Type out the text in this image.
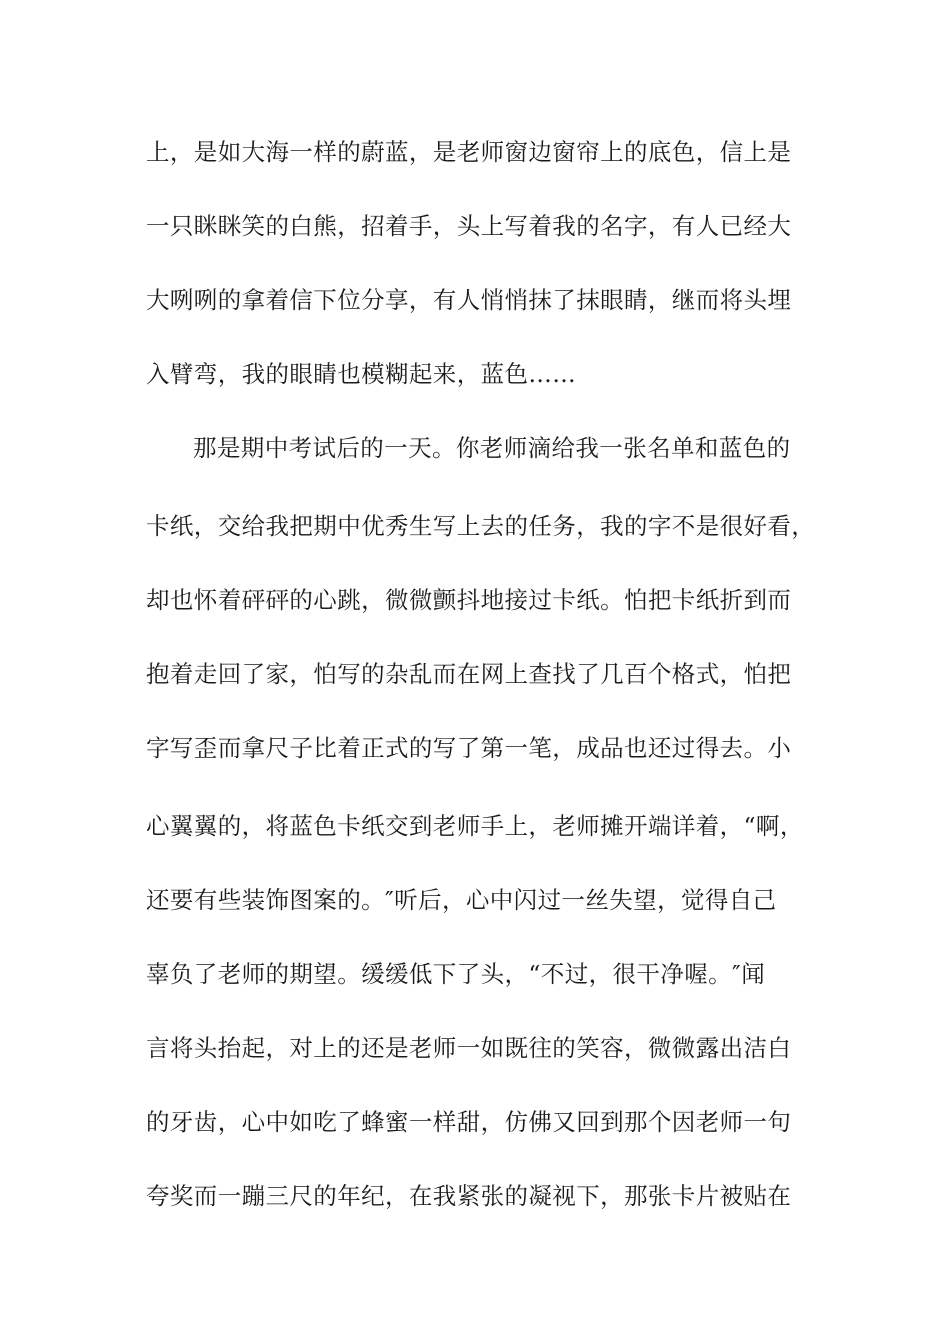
上，是如大海一样的蔚蓝，是老师窗边窗帘上的底色，信上是
一只眯眯笑的白熊，招着手，头上写着我的名字，有人已经大
大咧咧的拿着信下位分享，有人悄悄抹了抹眼睛，继而将头埋
入臂弯，我的眼睛也模糊起来，蓝色……
那是期中考试后的一天。你老师滴给我一张名单和蓝色的
卡纸，交给我把期中优秀生写上去的任务，我的字不是很好看，
却也怀着砰砰的心跳，微微颤抖地接过卡纸。怕把卡纸折到而
抱着走回了家，怕写的杂乱而在网上查找了几百个格式，怕把
字写歪而拿尺子比着正式的写了第一笔，成品也还过得去。小
心翼翼的，将蓝色卡纸交到老师手上，老师摊开端详着，“啊，
还要有些装饰图案的。″听后，心中闪过一丝失望，觉得自己
辜负了老师的期望。缓缓低下了头，“不过，很干净喔。″闻
言将头抬起，对上的还是老师一如既往的笑容，微微露出洁白
的牙齿，心中如吃了蜂蜜一样甜，仿佛又回到那个因老师一句
夸奖而一蹦三尺的年纪，在我紧张的凝视下，那张卡片被贴在
